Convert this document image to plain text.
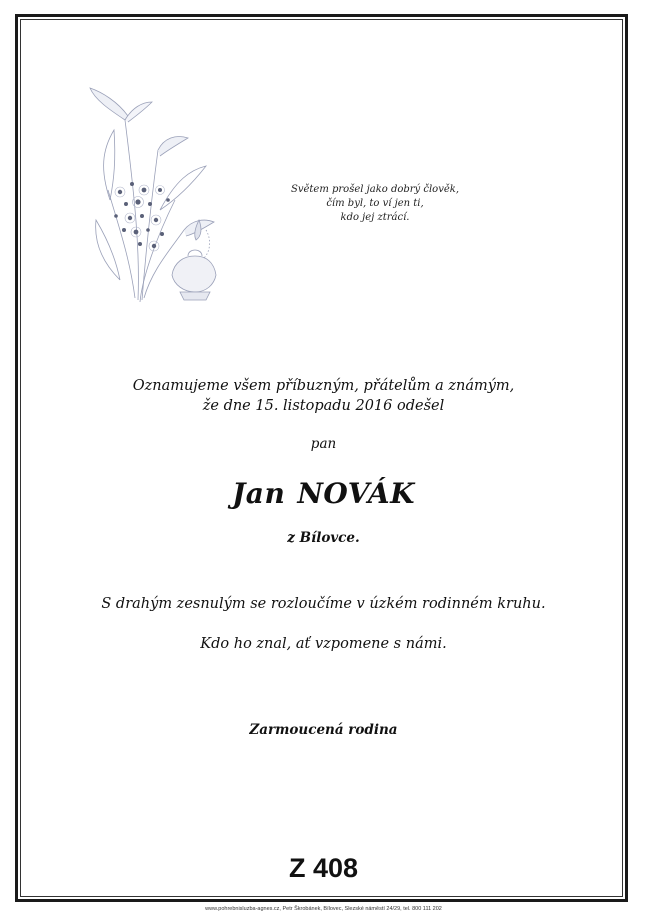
Světem prošel jako dobrý člověk,
čím byl, to ví jen ti,
kdo jej ztrácí.
Oznamujeme všem příbuzným, přátelům a známým,
že dne 15. listopadu 2016 odešel
pan
Jan NOVÁK
z Bílovce.
S drahým zesnulým se rozloučíme v úzkém rodinném kruhu.
Kdo ho znal, ať vzpomene s námi.
Zarmoucená rodina
Z 408
www.pohrebnisluzba-agnes.cz, Petr Škrobánek, Bílovec, Slezské náměstí 24/29, tel. 800 111 202
